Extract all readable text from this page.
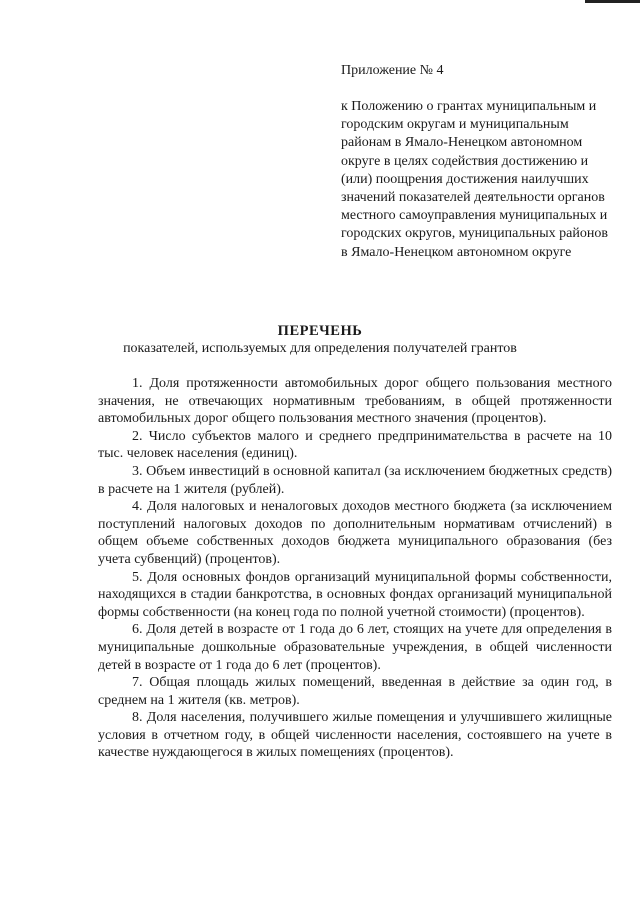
Приложение № 4
к Положению о грантах муниципальным и городским округам и муниципальным районам в Ямало-Ненецком автономном округе в целях содействия достижению и (или) поощрения достижения наилучших значений показателей деятельности органов местного самоуправления муниципальных и городских округов, муниципальных районов в Ямало-Ненецком автономном округе
ПЕРЕЧЕНЬ
показателей, используемых для определения получателей грантов
1. Доля протяженности автомобильных дорог общего пользования местного значения, не отвечающих нормативным требованиям, в общей протяженности автомобильных дорог общего пользования местного значения (процентов).
2. Число субъектов малого и среднего предпринимательства в расчете на 10 тыс. человек населения (единиц).
3. Объем инвестиций в основной капитал (за исключением бюджетных средств) в расчете на 1 жителя (рублей).
4. Доля налоговых и неналоговых доходов местного бюджета (за исключением поступлений налоговых доходов по дополнительным нормативам отчислений) в общем объеме собственных доходов бюджета муниципального образования (без учета субвенций) (процентов).
5. Доля основных фондов организаций муниципальной формы собственности, находящихся в стадии банкротства, в основных фондах организаций муниципальной формы собственности (на конец года по полной учетной стоимости) (процентов).
6. Доля детей в возрасте от 1 года до 6 лет, стоящих на учете для определения в муниципальные дошкольные образовательные учреждения, в общей численности детей в возрасте от 1 года до 6 лет (процентов).
7. Общая площадь жилых помещений, введенная в действие за один год, в среднем на 1 жителя (кв. метров).
8. Доля населения, получившего жилые помещения и улучшившего жилищные условия в отчетном году, в общей численности населения, состоявшего на учете в качестве нуждающегося в жилых помещениях (процентов).
